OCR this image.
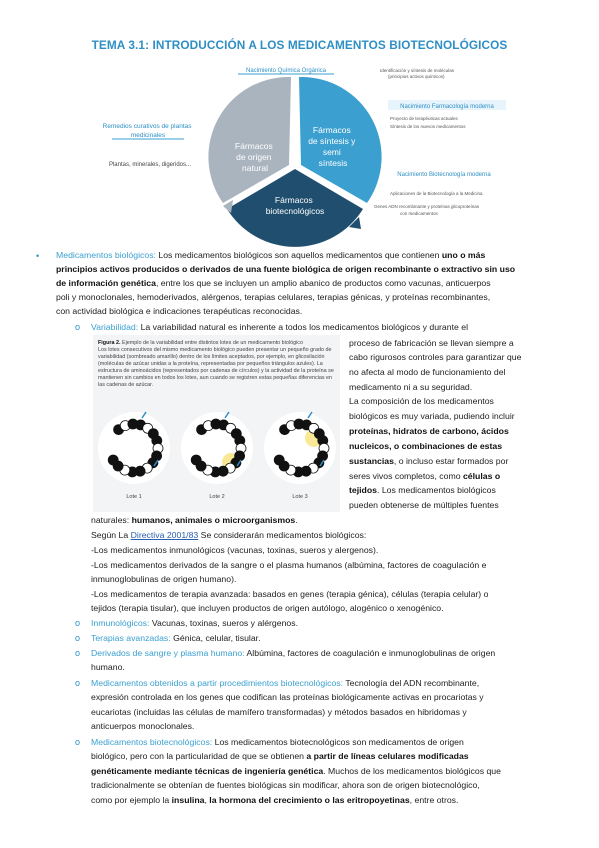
TEMA 3.1: INTRODUCCIÓN A LOS MEDICAMENTOS BIOTECNOLÓGICOS
Fármacos de origen natural
Fármacos de síntesis y semi síntesis
Fármacos biotecnológicos
Nacimiento Química Orgánica	Identificación y síntesis de moléculas (principios activos químicos)
Nacimiento Farmacología moderna
Proyecto de terapéuticas actuales Síntesis de los nuevos medicamentos
Remedios curativos de plantas medicinales
Plantas, minerales, digeridos...
Nacimiento Biotecnología moderna
Aplicaciones de la Biotecnología a la Medicina Genes ADN recombinante y proteínas glicoproteínas con medicamentos
• Medicamentos biológicos: Los medicamentos biológicos son aquellos medicamentos que contienen uno o más
principios activos producidos o derivados de una fuente biológica de origen recombinante o extractivo sin uso
de información genética, entre los que se incluyen un amplio abanico de productos como vacunas, anticuerpos
poli y monoclonales, hemoderivados, alérgenos, terapias celulares, terapias génicas, y proteínas recombinantes,
con actividad biológica e indicaciones terapéuticas reconocidas.
o Variabilidad: La variabilidad natural es inherente a todos los medicamentos biológicos y durante el
proceso de fabricación se llevan siempre a
cabo rigurosos controles para garantizar que
no afecta al modo de funcionamiento del
medicamento ni a su seguridad.
La composición de los medicamentos
biológicos es muy variada, pudiendo incluir
proteínas, hidratos de carbono, ácidos
nucleicos, o combinaciones de estas
sustancias, o incluso estar formados por
seres vivos completos, como células o
tejidos. Los medicamentos biológicos
pueden obtenerse de múltiples fuentes
naturales: humanos, animales o microorganismos.
Según La Directiva 2001/83 Se considerarán medicamentos biológicos:
-Los medicamentos inmunológicos (vacunas, toxinas, sueros y alergenos).
-Los medicamentos derivados de la sangre o el plasma humanos (albúmina, factores de coagulación e
inmunoglobulinas de origen humano).
-Los medicamentos de terapia avanzada: basados en genes (terapia génica), células (terapia celular) o
tejidos (terapia tisular), que incluyen productos de origen autólogo, alogénico o xenogénico.
o Inmunológicos: Vacunas, toxinas, sueros y alérgenos.
o Terapias avanzadas: Génica, celular, tisular.
o Derivados de sangre y plasma humano: Albúmina, factores de coagulación e inmunoglobulinas de origen
humano.
o Medicamentos obtenidos a partir procedimientos biotecnológicos: Tecnología del ADN recombinante,
expresión controlada en los genes que codifican las proteínas biológicamente activas en procariotas y
eucariotas (incluidas las células de mamífero transformadas) y métodos basados en hibridomas y
anticuerpos monoclonales.
o Medicamentos biotecnológicos: Los medicamentos biotecnológicos son medicamentos de origen
biológico, pero con la particularidad de que se obtienen a partir de líneas celulares modificadas
genéticamente mediante técnicas de ingeniería genética. Muchos de los medicamentos biológicos que
tradicionalmente se obtenían de fuentes biológicas sin modificar, ahora son de origen biotecnológico,
como por ejemplo la insulina, la hormona del crecimiento o las eritropoyetinas, entre otros.
Figura 2. Ejemplo de la variabilidad entre distintos lotes de un medicamento biológico
Los lotes consecutivos del mismo medicamento biológico pueden presentar un pequeño grado de variabilidad (sombreado amarillo) dentro de los límites aceptados, por ejemplo, en glicosilación (moléculas de azúcar unidas a la proteína, representadas por pequeños triángulos azules). La estructura de aminoácidos (representados por cadenas de círculos) y la actividad de la proteína se mantienen sin cambios en todos los lotes, aun cuando se registren estas pequeñas diferencias en las cadenas de azúcar.
Lote 1	Lote 2	Lote 3
